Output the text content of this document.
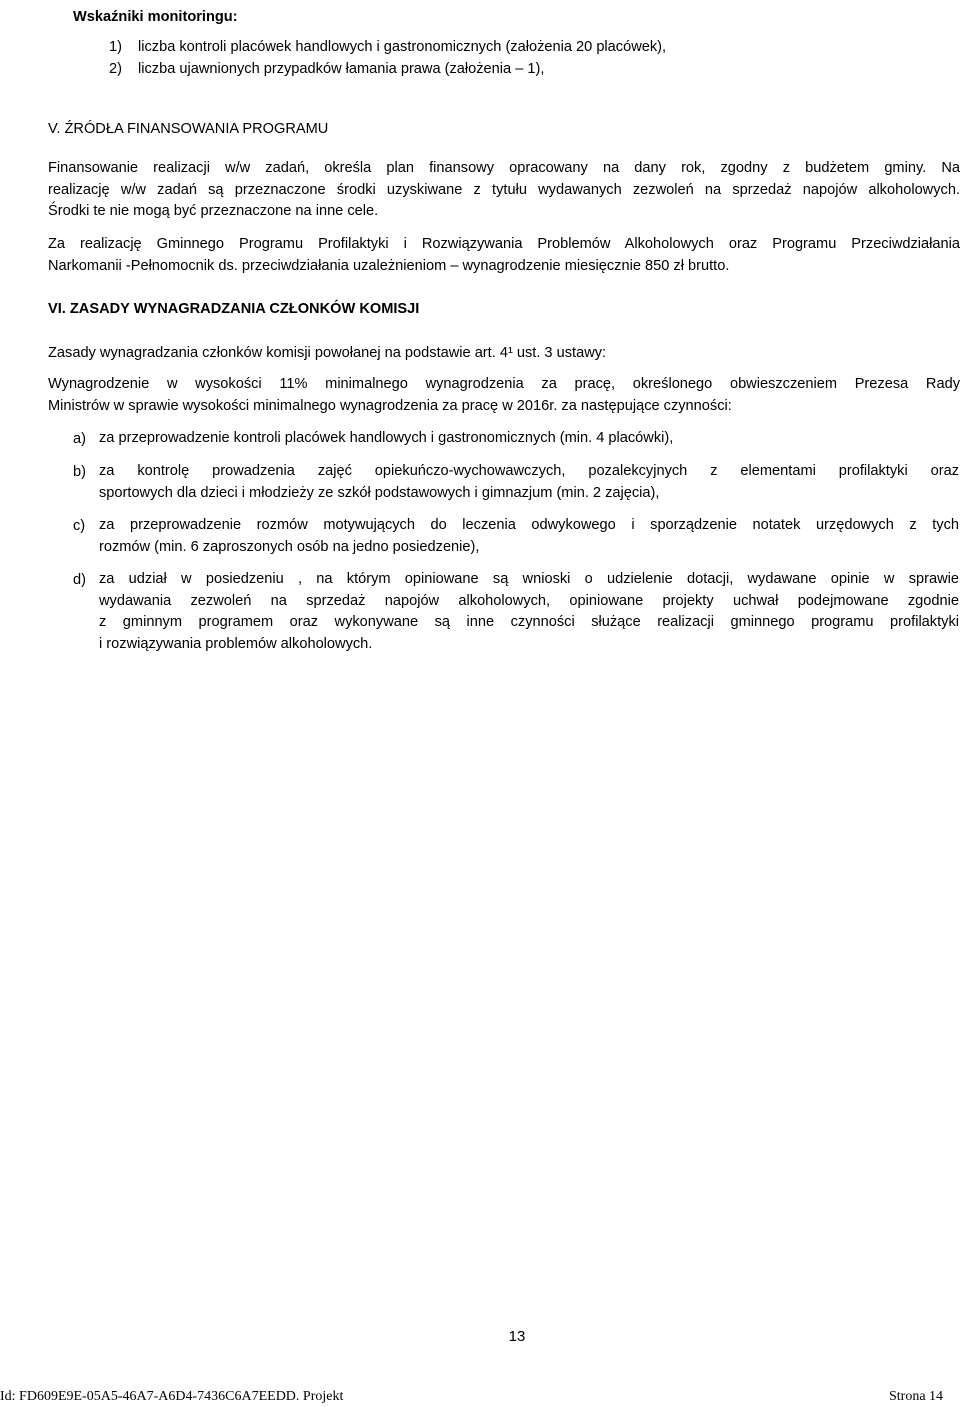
Wskaźniki monitoringu:

1) liczba kontroli placówek handlowych i gastronomicznych (założenia 20 placówek),

2) liczba ujawnionych przypadków łamania prawa (założenia – 1),

V. ŹRÓDŁA FINANSOWANIA PROGRAMU

Finansowanie realizacji w/w zadań, określa plan finansowy opracowany na dany rok, zgodny z budżetem gminy. Na
realizację w/w zadań są przeznaczone środki uzyskiwane z tytułu wydawanych zezwoleń na sprzedaż napojów alkoholowych.
Środki te nie mogą być przeznaczone na inne cele.
Za realizację Gminnego Programu Profilaktyki i Rozwiązywania Problemów Alkoholowych oraz Programu Przeciwdziałania
Narkomanii -Pełnomocnik ds. przeciwdziałania uzależnieniom – wynagrodzenie miesięcznie 850 zł brutto.

VI. ZASADY WYNAGRADZANIA CZŁONKÓW KOMISJI

Zasady wynagradzania członków komisji powołanej na podstawie art. 4¹ ust. 3 ustawy:

Wynagrodzenie w wysokości 11% minimalnego wynagrodzenia za pracę, określonego obwieszczeniem Prezesa Rady
Ministrów w sprawie wysokości minimalnego wynagrodzenia za pracę w 2016r. za następujące czynności:
a) za przeprowadzenie kontroli placówek handlowych i gastronomicznych (min. 4 placówki),
b) za kontrolę prowadzenia zajęć opiekuńczo-wychowawczych, pozalekcyjnych z elementami profilaktyki oraz
sportowych dla dzieci i młodzieży ze szkół podstawowych i gimnazjum (min. 2 zajęcia),
c) za przeprowadzenie rozmów motywujących do leczenia odwykowego i sporządzenie notatek urzędowych z tych
rozmów (min. 6 zaproszonych osób na jedno posiedzenie),
d) za udział w posiedzeniu , na którym opiniowane są wnioski o udzielenie dotacji, wydawane opinie w sprawie
wydawania zezwoleń na sprzedaż napojów alkoholowych, opiniowane projekty uchwał podejmowane zgodnie
z gminnym programem oraz wykonywane są inne czynności służące realizacji gminnego programu profilaktyki
i rozwiązywania problemów alkoholowych.
13
Id: FD609E9E-05A5-46A7-A6D4-7436C6A7EEDD. Projekt	Strona 14
